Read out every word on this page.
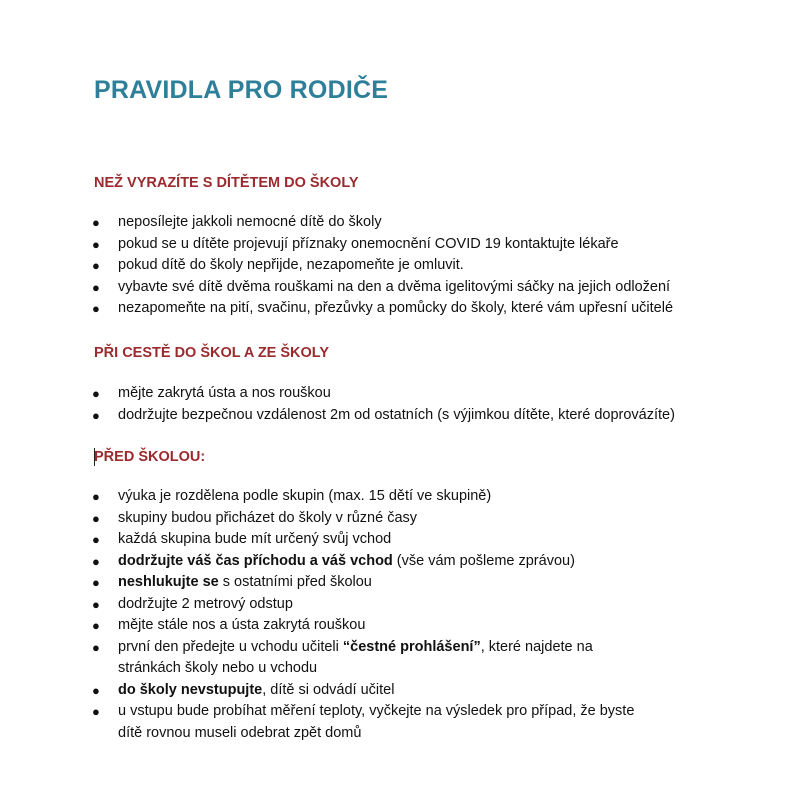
PRAVIDLA PRO RODIČE
NEŽ VYRAZÍTE S DÍTĚTEM DO ŠKOLY
● neposílejte jakkoli nemocné dítě do školy
● pokud se u dítěte projevují příznaky onemocnění COVID 19 kontaktujte lékaře
● pokud dítě do školy nepřijde, nezapomeňte je omluvit.
● vybavte své dítě dvěma rouškami na den a dvěma igelitovými sáčky na jejich odložení
● nezapomeňte na pití, svačinu, přezůvky a pomůcky do školy, které vám upřesní učitelé
PŘI CESTĚ DO ŠKOL A ZE ŠKOLY
● mějte zakrytá ústa a nos rouškou
● dodržujte bezpečnou vzdálenost 2m od ostatních (s výjimkou dítěte, které doprovázíte)
PŘED ŠKOLOU:
● výuka je rozdělena podle skupin (max. 15 dětí ve skupině)
● skupiny budou přicházet do školy v různé časy
● každá skupina bude mít určený svůj vchod
● dodržujte váš čas příchodu a váš vchod (vše vám pošleme zprávou)
● neshlukujte se s ostatními před školou
● dodržujte 2 metrový odstup
● mějte stále nos a ústa zakrytá rouškou
● první den předejte u vchodu učiteli “čestné prohlášení”, které najdete na
stránkách školy nebo u vchodu
● do školy nevstupujte, dítě si odvádí učitel
● u vstupu bude probíhat měření teploty, vyčkejte na výsledek pro případ, že byste
dítě rovnou museli odebrat zpět domů
